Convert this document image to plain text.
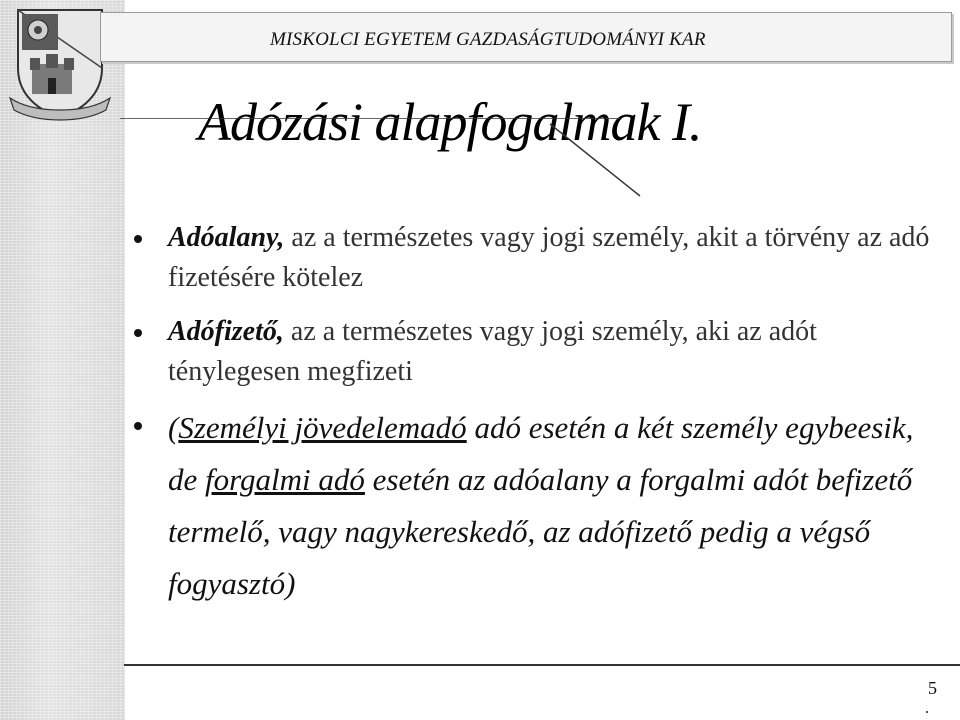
MISKOLCI EGYETEM GAZDASÁGTUDOMÁNYI KAR
Adózási alapfogalmak I.
Adóalany, az a természetes vagy jogi személy, akit a törvény az adó fizetésére kötelez
Adófizető, az a természetes vagy jogi személy, aki az adót ténylegesen megfizeti
(Személyi jövedelemadó adó esetén a két személy egybeesik, de forgalmi adó esetén az adóalany a forgalmi adót befizető termelő, vagy nagykereskedő, az adófizető pedig a végső fogyasztó)
5
